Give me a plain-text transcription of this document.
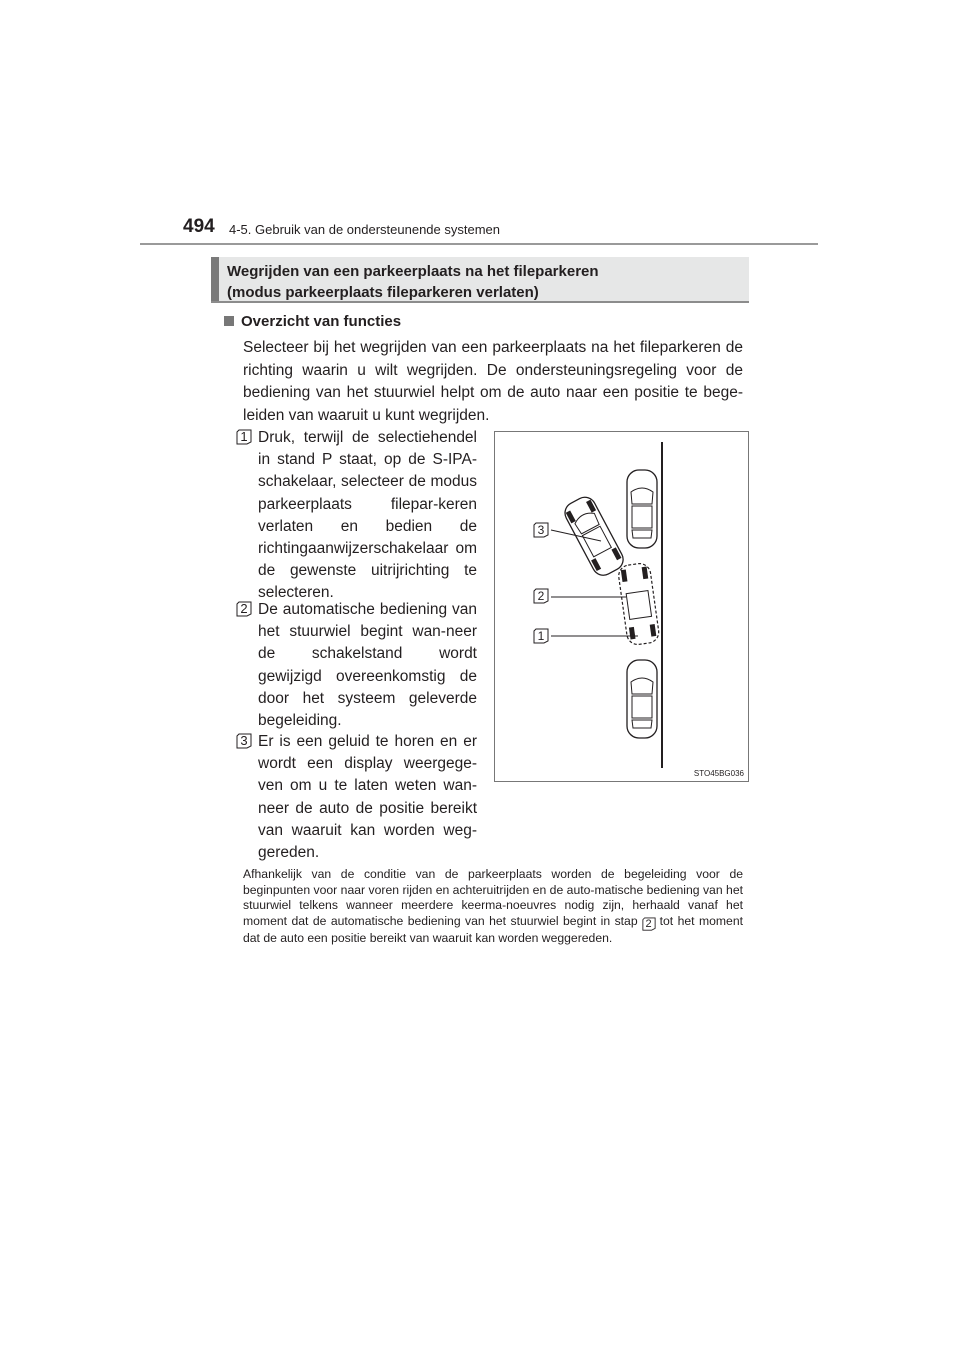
494 4-5. Gebruik van de ondersteunende systemen
Wegrijden van een parkeerplaats na het fileparkeren
(modus parkeerplaats fileparkeren verlaten)
Overzicht van functies
Selecteer bij het wegrijden van een parkeerplaats na het fileparkeren de richting waarin u wilt wegrijden. De ondersteuningsregeling voor de bediening van het stuurwiel helpt om de auto naar een positie te bege-leiden van waaruit u kunt wegrijden.
1 Druk, terwijl de selectiehendel in stand P staat, op de S-IPA-schakelaar, selecteer de modus parkeerplaats filepar-keren verlaten en bedien de richtingaanwijzerschakelaar om de gewenste uitrijrichting te selecteren.
2 De automatische bediening van het stuurwiel begint wan-neer de schakelstand wordt gewijzigd overeenkomstig de door het systeem geleverde begeleiding.
3 Er is een geluid te horen en er wordt een display weergege-ven om u te laten weten wan-neer de auto de positie bereikt van waaruit kan worden weg-gereden.
3
2
1
STO45BG036
Afhankelijk van de conditie van de parkeerplaats worden de begeleiding voor de beginpunten voor naar voren rijden en achteruitrijden en de auto-matische bediening van het stuurwiel telkens wanneer meerdere keerma-noeuvres nodig zijn, herhaald vanaf het moment dat de automatische bediening van het stuurwiel begint in stap 2 tot het moment dat de auto een positie bereikt van waaruit kan worden weggereden.
